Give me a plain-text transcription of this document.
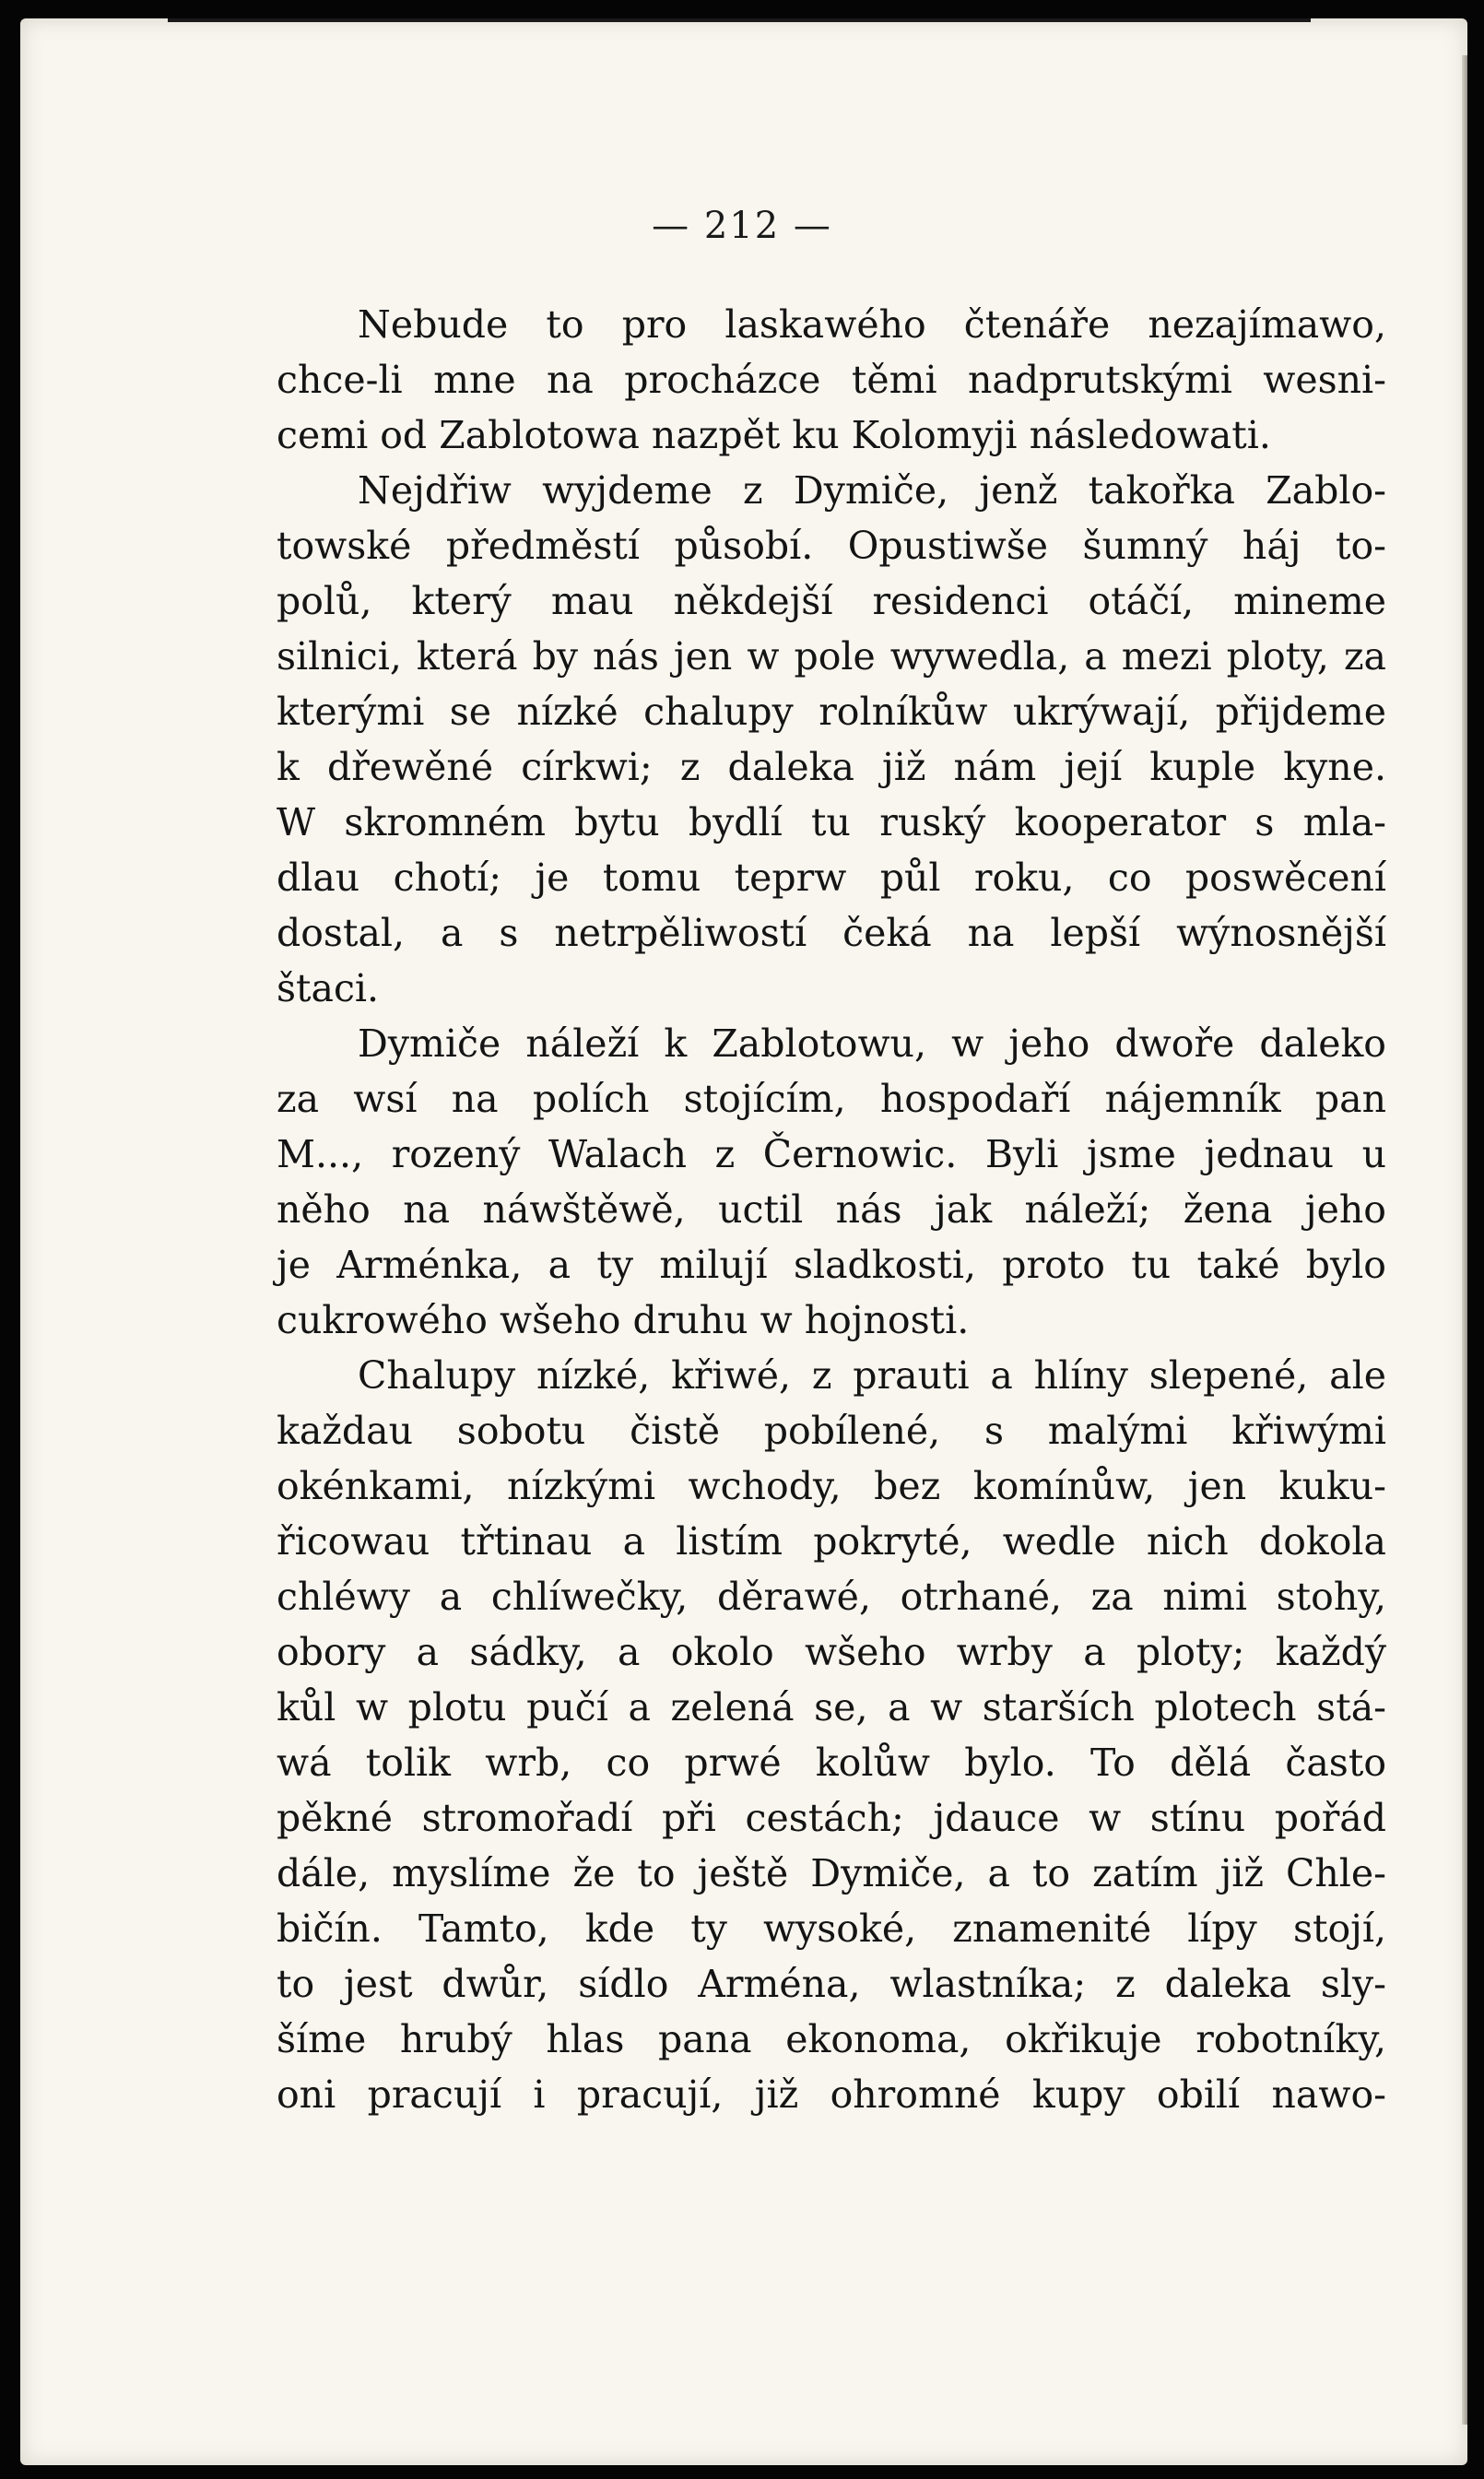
— 212 —
Nebude to pro laskawého čtenáře nezajímawo,
chce-li mne na procházce těmi nadprutskými wesni-
cemi od Zablotowa nazpět ku Kolomyji následowati.
Nejdřiw wyjdeme z Dymiče, jenž takořka Zablo-
towské předměstí působí. Opustiwše šumný háj to-
polů, který mau někdejší residenci otáčí, mineme
silnici, která by nás jen w pole wywedla, a mezi ploty, za
kterými se nízké chalupy rolníkůw ukrýwají, přijdeme
k dřewěné církwi; z daleka již nám její kuple kyne.
W skromném bytu bydlí tu ruský kooperator s mla-
dlau chotí; je tomu teprw půl roku, co poswěcení
dostal, a s netrpěliwostí čeká na lepší wýnosnější
štaci.
Dymiče náleží k Zablotowu, w jeho dwoře daleko
za wsí na polích stojícím, hospodaří nájemník pan
M..., rozený Walach z Černowic. Byli jsme jednau u
něho na náwštěwě, uctil nás jak náleží; žena jeho
je Arménka, a ty milují sladkosti, proto tu také bylo
cukrowého wšeho druhu w hojnosti.
Chalupy nízké, křiwé, z prauti a hlíny slepené, ale
každau sobotu čistě pobílené, s malými křiwými
okénkami, nízkými wchody, bez komínůw, jen kuku-
řicowau třtinau a listím pokryté, wedle nich dokola
chléwy a chlíwečky, děrawé, otrhané, za nimi stohy,
obory a sádky, a okolo wšeho wrby a ploty; každý
kůl w plotu pučí a zelená se, a w starších plotech stá-
wá tolik wrb, co prwé kolůw bylo. To dělá často
pěkné stromořadí při cestách; jdauce w stínu pořád
dále, myslíme že to ještě Dymiče, a to zatím již Chle-
bičín. Tamto, kde ty wysoké, znamenité lípy stojí,
to jest dwůr, sídlo Arména, wlastníka; z daleka sly-
šíme hrubý hlas pana ekonoma, okřikuje robotníky,
oni pracují i pracují, již ohromné kupy obilí nawo-
